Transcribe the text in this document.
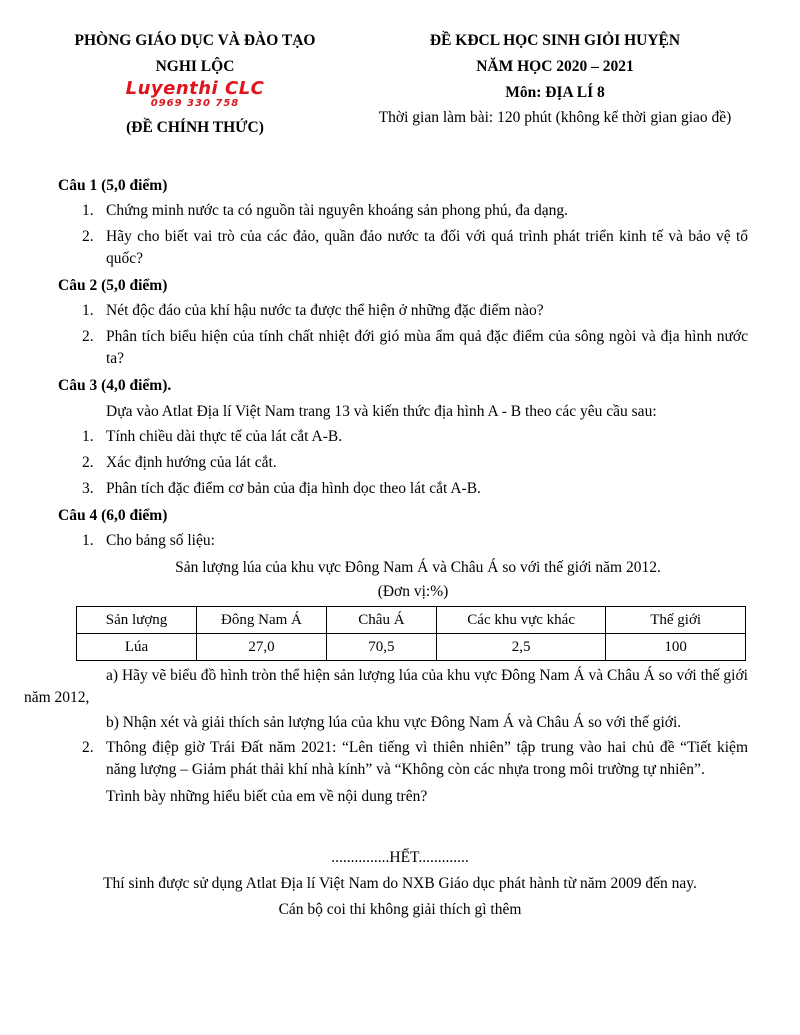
PHÒNG GIÁO DỤC VÀ ĐÀO TẠO
NGHI LỘC
Luyenthi CLC
0969 330 758
(ĐỀ CHÍNH THỨC)
ĐỀ KĐCL HỌC SINH GIỎI HUYỆN
NĂM HỌC 2020 – 2021
Môn: ĐỊA LÍ 8
Thời gian làm bài: 120 phút (không kể thời gian giao đề)
Câu 1 (5,0 điểm)
1. Chứng minh nước ta có nguồn tài nguyên khoáng sản phong phú, đa dạng.
2. Hãy cho biết vai trò của các đảo, quần đảo nước ta đối với quá trình phát triển kinh tế và bảo vệ tổ quốc?
Câu 2 (5,0 điểm)
1. Nét độc đáo của khí hậu nước ta được thể hiện ở những đặc điểm nào?
2. Phân tích biểu hiện của tính chất nhiệt đới gió mùa ẩm quả đặc điểm của sông ngòi và địa hình nước ta?
Câu 3 (4,0 điểm).
Dựa vào Atlat Địa lí Việt Nam trang 13 và kiến thức địa hình A - B theo các yêu cầu sau:
1. Tính chiều dài thực tế của lát cắt A-B.
2. Xác định hướng của lát cắt.
3. Phân tích đặc điểm cơ bản của địa hình dọc theo lát cắt A-B.
Câu 4 (6,0 điểm)
1. Cho bảng số liệu:
Sản lượng lúa của khu vực Đông Nam Á và Châu Á so với thế giới năm 2012.
(Đơn vị:%)
Sản lượng	Đông Nam Á	Châu Á	Các khu vực khác	Thế giới
Lúa	27,0	70,5	2,5	100
a) Hãy vẽ biểu đồ hình tròn thể hiện sản lượng lúa của khu vực Đông Nam Á và Châu Á so với thế giới năm 2012,
b) Nhận xét và giải thích sản lượng lúa của khu vực Đông Nam Á và Châu Á so với thế giới.
2. Thông điệp giờ Trái Đất năm 2021: “Lên tiếng vì thiên nhiên” tập trung vào hai chủ đề “Tiết kiệm năng lượng – Giảm phát thải khí nhà kính” và “Không còn các nhựa trong môi trường tự nhiên”.
Trình bày những hiểu biết của em về nội dung trên?
...............HẾT.............
Thí sinh được sử dụng Atlat Địa lí Việt Nam do NXB Giáo dục phát hành từ năm 2009 đến nay.
Cán bộ coi thi không giải thích gì thêm
